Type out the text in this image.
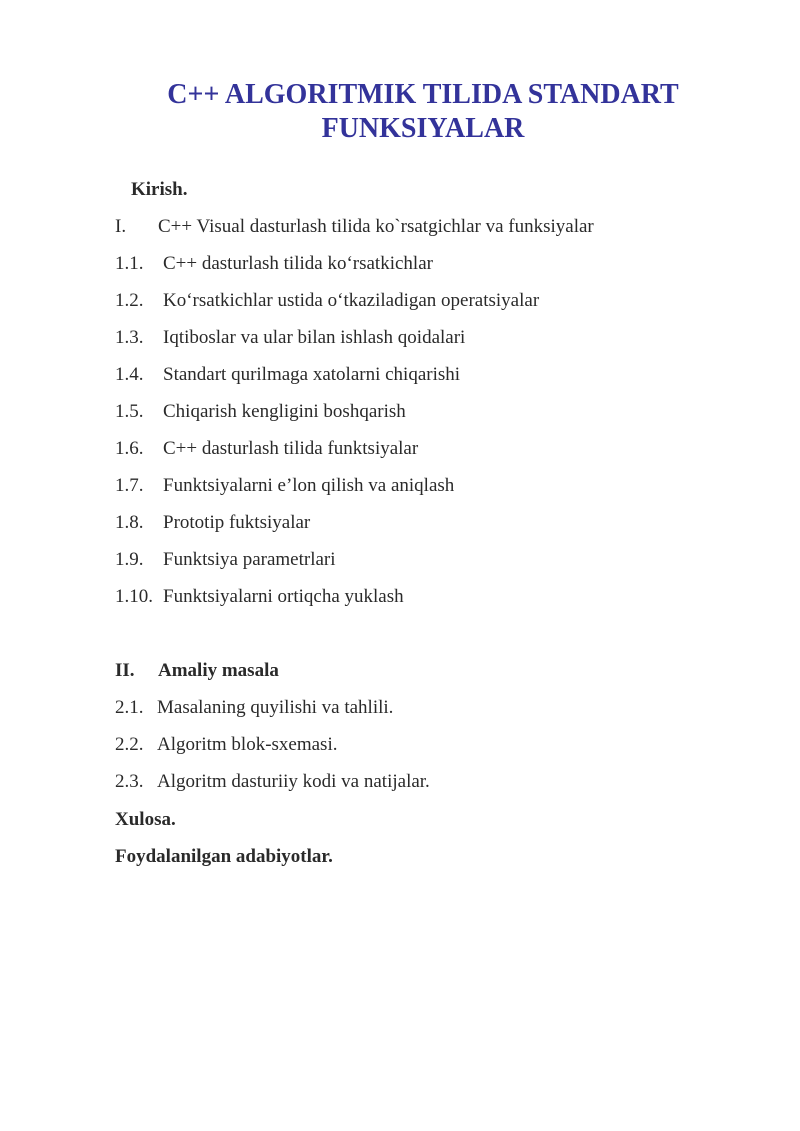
C++ ALGORITMIK TILIDA STANDART
FUNKSIYALAR
Kirish.
I. C++ Visual dasturlash tilida ko`rsatgichlar va funksiyalar
1.1. C++ dasturlash tilida ko‘rsatkichlar
1.2. Ko‘rsatkichlar ustida o‘tkaziladigan operatsiyalar
1.3. Iqtiboslar va ular bilan ishlash qoidalari
1.4. Standart qurilmaga xatolarni chiqarishi
1.5. Chiqarish kengligini boshqarish
1.6. C++ dasturlash tilida funktsiyalar
1.7. Funktsiyalarni e’lon qilish va aniqlash
1.8. Prototip fuktsiyalar
1.9. Funktsiya parametrlari
1.10. Funktsiyalarni ortiqcha yuklash
II. Amaliy masala
2.1. Masalaning quyilishi va tahlili.
2.2. Algoritm blok-sxemasi.
2.3. Algoritm dasturiiy kodi va natijalar.
Xulosa.
Foydalanilgan adabiyotlar.
